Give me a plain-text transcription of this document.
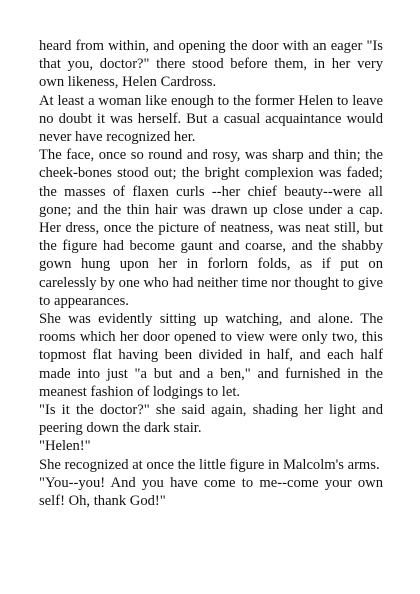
heard from within, and opening the door with an eager "Is that you, doctor?" there stood before them, in her very own likeness, Helen Cardross.

At least a woman like enough to the former Helen to leave no doubt it was herself. But a casual acquaintance would never have recognized her.

The face, once so round and rosy, was sharp and thin; the cheek-bones stood out; the bright complexion was faded; the masses of flaxen curls --her chief beauty--were all gone; and the thin hair was drawn up close under a cap. Her dress, once the picture of neatness, was neat still, but the figure had become gaunt and coarse, and the shabby gown hung upon her in forlorn folds, as if put on carelessly by one who had neither time nor thought to give to appearances.

She was evidently sitting up watching, and alone. The rooms which her door opened to view were only two, this topmost flat having been divided in half, and each half made into just "a but and a ben," and furnished in the meanest fashion of lodgings to let.

"Is it the doctor?" she said again, shading her light and peering down the dark stair.

"Helen!"

She recognized at once the little figure in Malcolm's arms.

"You--you! And you have come to me--come your own self! Oh, thank God!"
